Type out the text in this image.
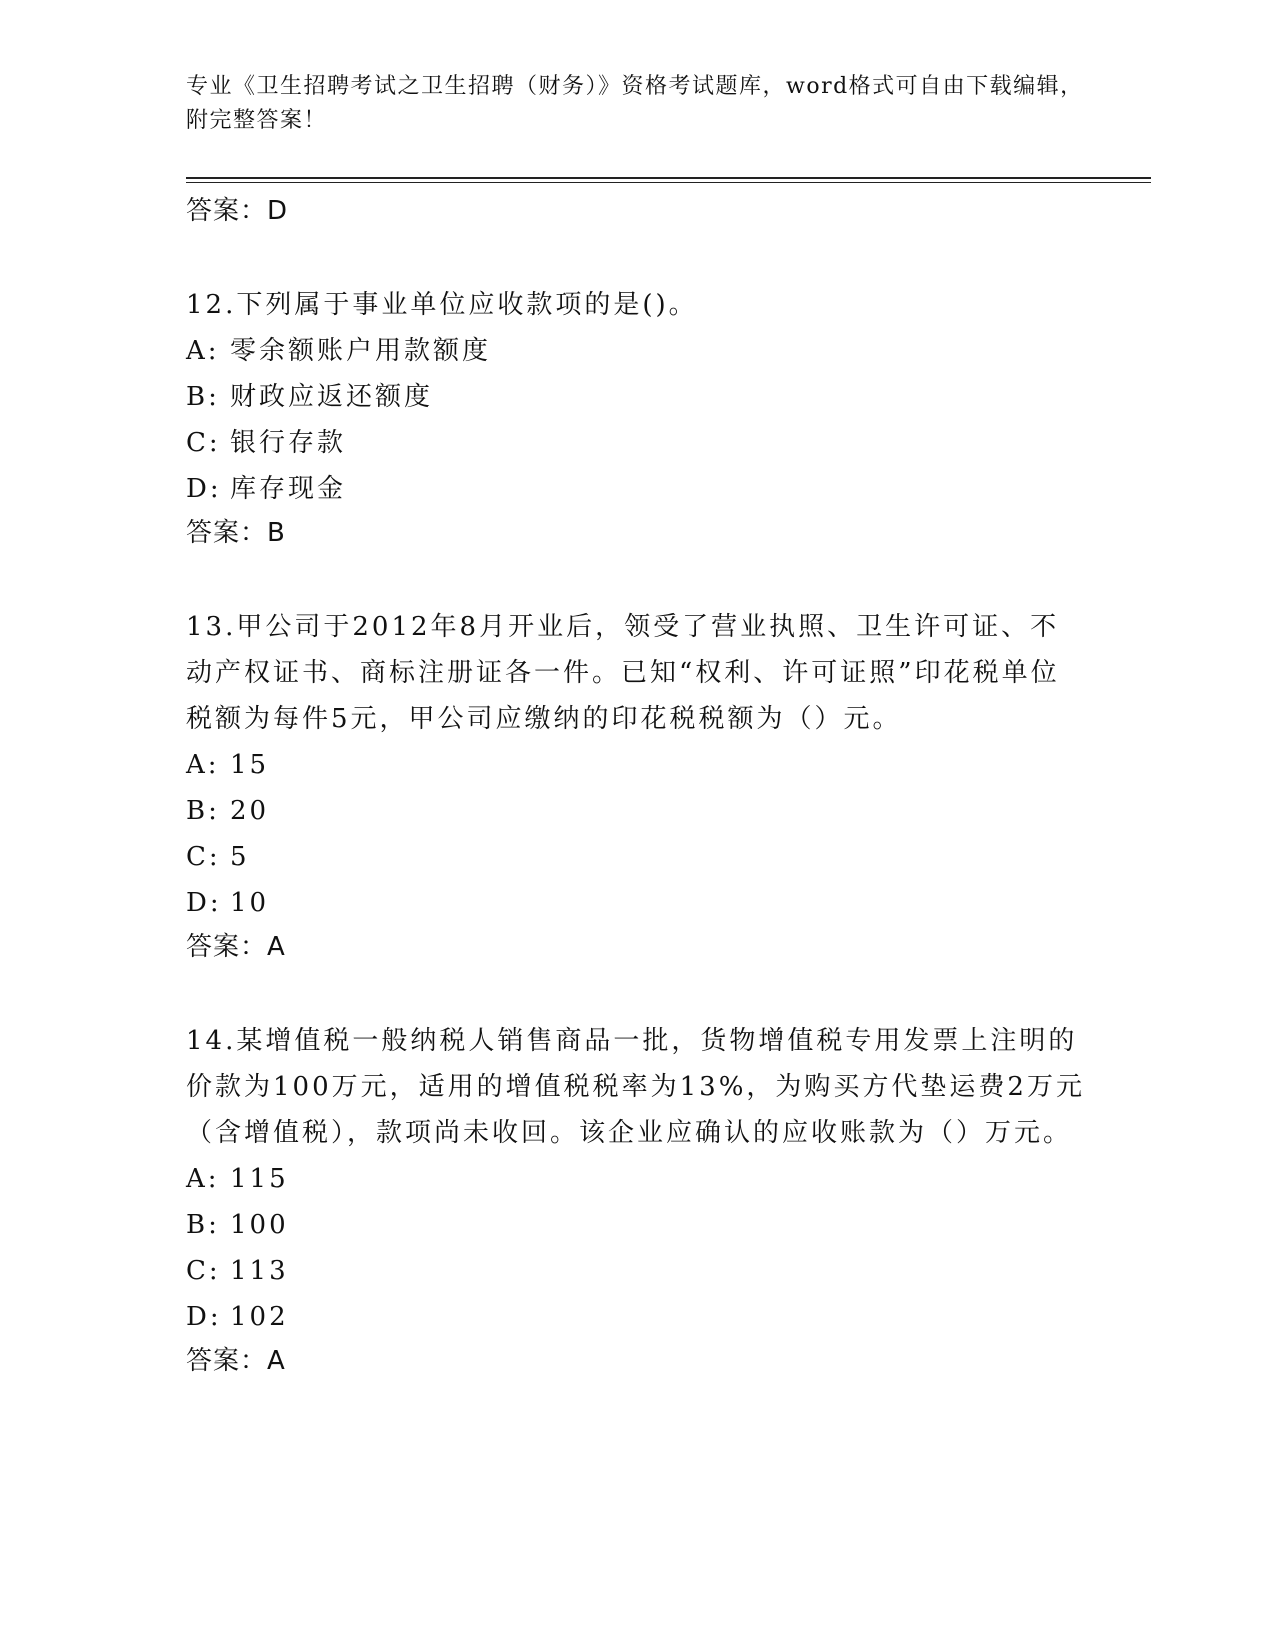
专业《卫生招聘考试之卫生招聘（财务）》资格考试题库，word格式可自由下载编辑，附完整答案！
答案：D
12.下列属于事业单位应收款项的是()。
A: 零余额账户用款额度
B: 财政应返还额度
C: 银行存款
D: 库存现金
答案：B
13.甲公司于2012年8月开业后，领受了营业执照、卫生许可证、不动产权证书、商标注册证各一件。已知“权利、许可证照”印花税单位税额为每件5元，甲公司应缴纳的印花税税额为（）元。
A: 15
B: 20
C: 5
D: 10
答案：A
14.某增值税一般纳税人销售商品一批，货物增值税专用发票上注明的价款为100万元，适用的增值税税率为13%，为购买方代垫运费2万元（含增值税），款项尚未收回。该企业应确认的应收账款为（）万元。
A: 115
B: 100
C: 113
D: 102
答案：A
